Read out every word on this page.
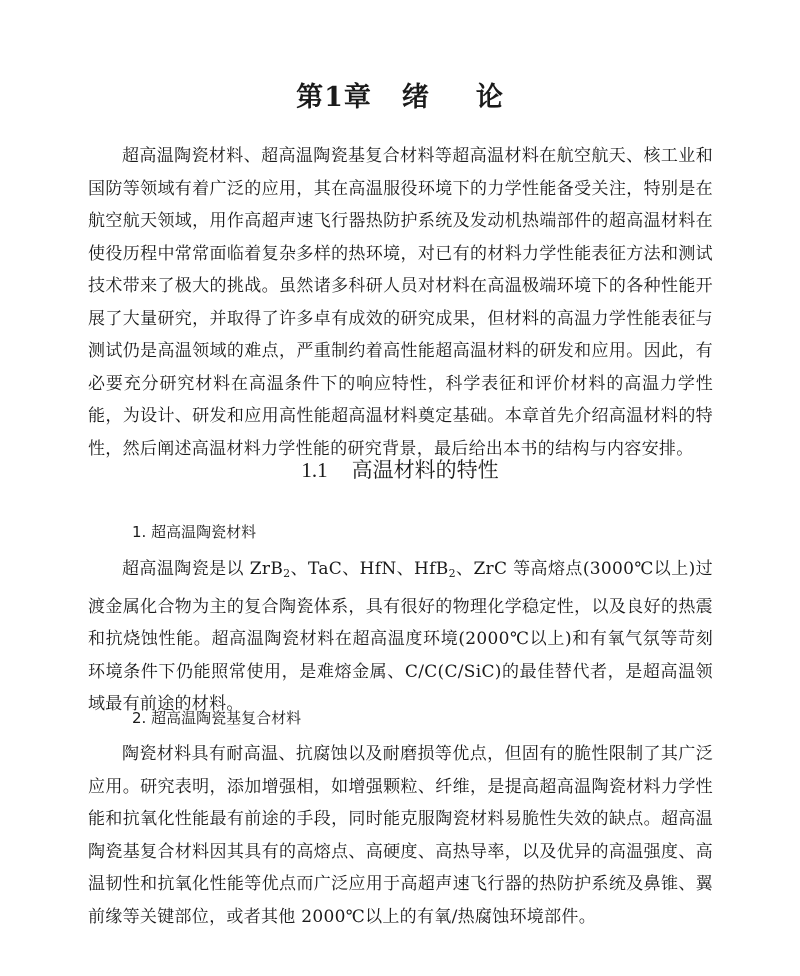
第1章 绪 论

超高温陶瓷材料、超高温陶瓷基复合材料等超高温材料在航空航天、核工业和国防等领域有着广泛的应用，其在高温服役环境下的力学性能备受关注，特别是在航空航天领域，用作高超声速飞行器热防护系统及发动机热端部件的超高温材料在使役历程中常常面临着复杂多样的热环境，对已有的材料力学性能表征方法和测试技术带来了极大的挑战。虽然诸多科研人员对材料在高温极端环境下的各种性能开展了大量研究，并取得了许多卓有成效的研究成果，但材料的高温力学性能表征与测试仍是高温领域的难点，严重制约着高性能超高温材料的研发和应用。因此，有必要充分研究材料在高温条件下的响应特性，科学表征和评价材料的高温力学性能，为设计、研发和应用高性能超高温材料奠定基础。本章首先介绍高温材料的特性，然后阐述高温材料力学性能的研究背景，最后给出本书的结构与内容安排。

1.1 高温材料的特性
1. 超高温陶瓷材料

超高温陶瓷是以 ZrB$_2$、TaC、HfN、HfB$_2$、ZrC 等高熔点(3000℃以上)过渡金属化合物为主的复合陶瓷体系，具有很好的物理化学稳定性，以及良好的热震和抗烧蚀性能。超高温陶瓷材料在超高温度环境(2000℃以上)和有氧气氛等苛刻环境条件下仍能照常使用，是难熔金属、C/C(C/SiC)的最佳替代者，是超高温领域最有前途的材料。

2. 超高温陶瓷基复合材料

陶瓷材料具有耐高温、抗腐蚀以及耐磨损等优点，但固有的脆性限制了其广泛应用。研究表明，添加增强相，如增强颗粒、纤维，是提高超高温陶瓷材料力学性能和抗氧化性能最有前途的手段，同时能克服陶瓷材料易脆性失效的缺点。超高温陶瓷基复合材料因其具有的高熔点、高硬度、高热导率，以及优异的高温强度、高温韧性和抗氧化性能等优点而广泛应用于高超声速飞行器的热防护系统及鼻锥、翼前缘等关键部位，或者其他 2000℃以上的有氧/热腐蚀环境部件。
